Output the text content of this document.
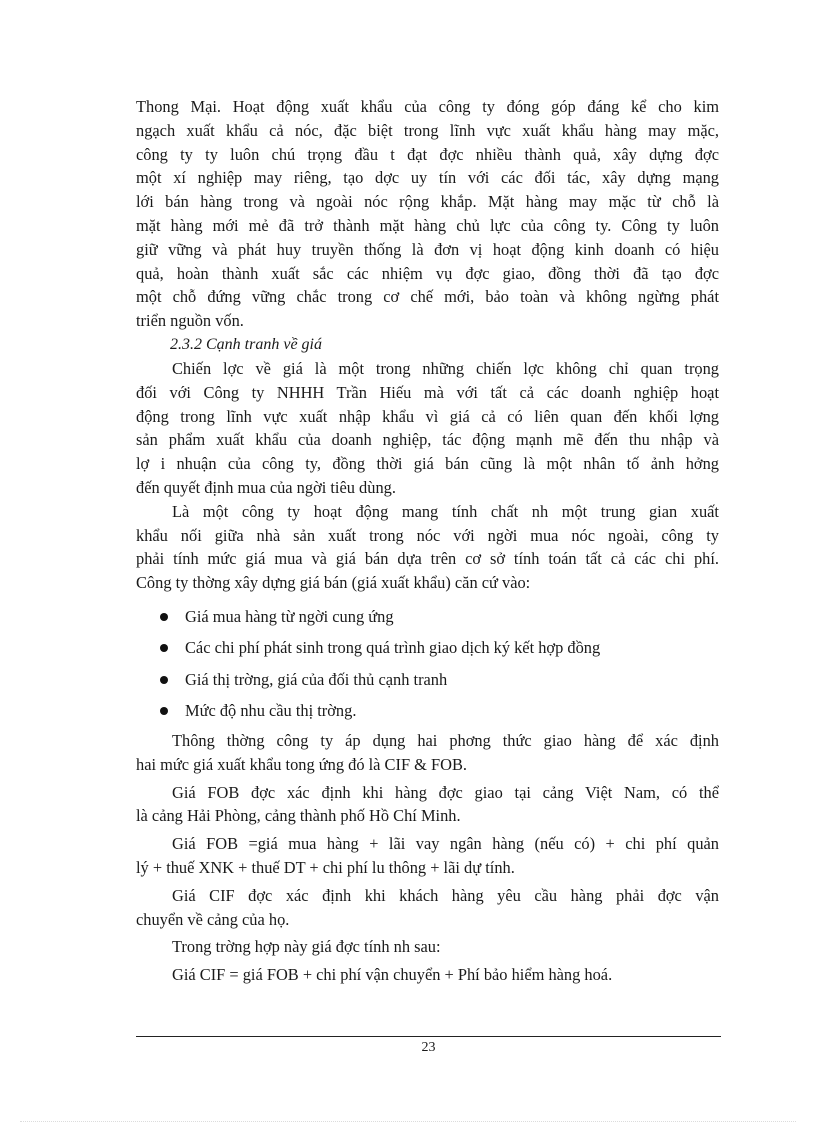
Thong Mại. Hoạt động xuất khẩu của công ty đóng góp đáng kể cho kim
ngạch xuất khẩu cả nóc, đặc biệt trong lĩnh vực xuất khẩu hàng may mặc,
công ty ty luôn chú trọng đầu t đạt đợc nhiều thành quả, xây dựng đợc
một xí nghiệp may riêng, tạo dợc uy tín với các đối tác, xây dựng mạng
lới bán hàng trong và ngoài nóc rộng khắp. Mặt hàng may mặc từ chỗ là
mặt hàng mới mẻ đã trở thành mặt hàng chủ lực của công ty. Công ty luôn
giữ vững và phát huy truyền thống là đơn vị hoạt động kinh doanh có hiệu
quả, hoàn thành xuất sắc các nhiệm vụ đợc giao, đồng thời đã tạo đợc
một chỗ đứng vững chắc trong cơ chế mới, bảo toàn và không ngừng phát
triển nguồn vốn.
2.3.2 Cạnh tranh về giá
Chiến lợc về giá là một trong những chiến lợc không chỉ quan trọng
đối với Công ty NHHH Trần Hiếu mà với tất cả các doanh nghiệp hoạt
động trong lĩnh vực xuất nhập khẩu vì giá cả có liên quan đến khối lợng
sản phẩm xuất khẩu của doanh nghiệp, tác động mạnh mẽ đến thu nhập và
lợ i nhuận của công ty, đồng thời giá bán cũng là một nhân tố ảnh hởng
đến quyết định mua của ngời tiêu dùng.
Là một công ty hoạt động mang tính chất nh một trung gian xuất
khẩu nối giữa nhà sản xuất trong nóc với ngời mua nóc ngoài, công ty
phải tính mức giá mua và giá bán dựa trên cơ sở tính toán tất cả các chi phí.
Công ty thờng xây dựng giá bán (giá xuất khẩu) căn cứ vào:
Giá mua hàng từ ngời cung ứng
Các chi phí phát sinh trong quá trình giao dịch ký kết hợp đồng
Giá thị trờng, giá của đối thủ cạnh tranh
Mức độ nhu cầu thị trờng.
Thông thờng công ty áp dụng hai phơng thức giao hàng để xác định
hai mức giá xuất khẩu tong ứng đó là CIF & FOB.
Giá FOB đợc xác định khi hàng đợc giao tại cảng Việt Nam, có thể
là cảng Hải Phòng, cảng thành phố Hồ Chí Minh.
Giá FOB =giá mua hàng + lãi vay ngân hàng (nếu có) + chi phí quản
lý + thuế XNK + thuế DT + chi phí lu thông + lãi dự tính.
Giá CIF đợc xác định khi khách hàng yêu cầu hàng phải đợc vận
chuyển về cảng của họ.
Trong trờng hợp này giá đợc tính nh sau:
Giá CIF = giá FOB + chi phí vận chuyển + Phí bảo hiểm hàng hoá.
23
